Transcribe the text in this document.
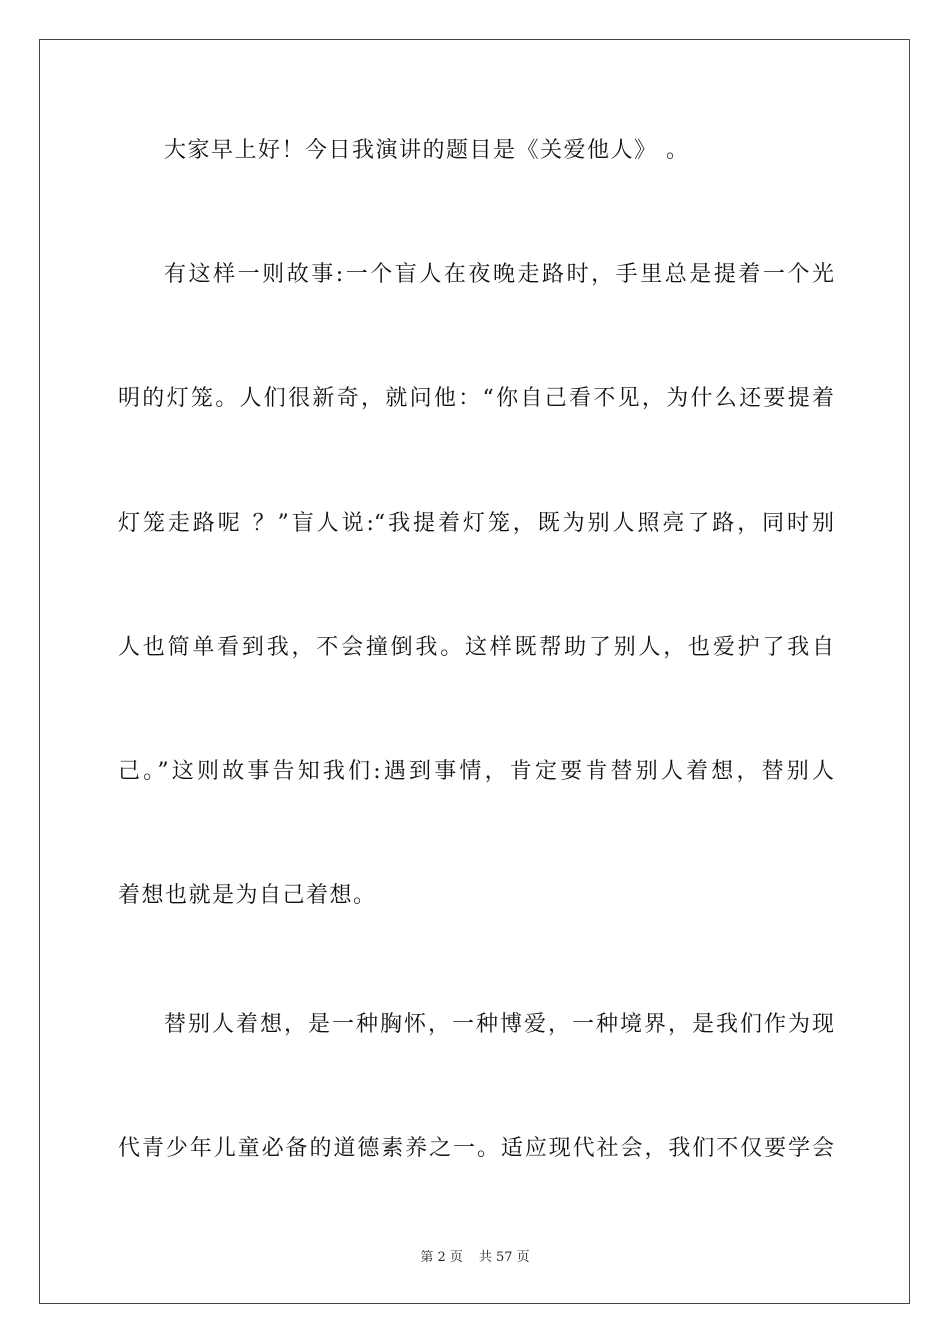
大家早上好！今日我演讲的题目是《关爱他人》 。
有这样一则故事:一个盲人在夜晚走路时，手里总是提着一个光
明的灯笼。人们很新奇，就问他：“你自己看不见，为什么还要提着
灯笼走路呢 ？”盲人说:“我提着灯笼，既为别人照亮了路，同时别
人也简单看到我，不会撞倒我。这样既帮助了别人，也爱护了我自
己。”这则故事告知我们:遇到事情，肯定要肯替别人着想，替别人
着想也就是为自己着想。
替别人着想，是一种胸怀，一种博爱，一种境界，是我们作为现
代青少年儿童必备的道德素养之一。适应现代社会，我们不仅要学会
第 2 页 共 57 页
